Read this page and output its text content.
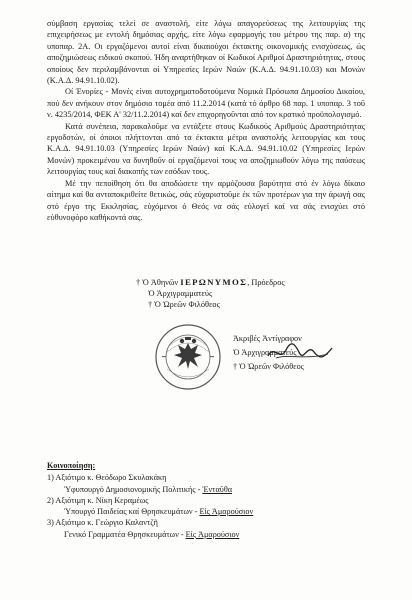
σύμβαση εργασίας τελεί σε αναστολή, είτε λόγω απαγορεύσεως της λειτουργίας της επιχειρήσεως με εντολή δημόσιας αρχής, είτε λόγω εφαρμογής του μέτρου της παρ. α) της υποπαρ. 2Α. Οι εργαζόμενοι αυτοί είναι δικαιούχοι έκτακτης οικονομικής ενισχύσεως, ώς αποζημιώσεως ειδικού σκοπού. Ήδη αναρτήθηκαν οί Κωδικοί Αριθμοί Δραστηριότητας, στους οποίους δεν περιλαμβάνονται οί Υπηρεσίες Ιερών Ναών (Κ.Α.Δ. 94.91.10.03) και Μονών (Κ.Α.Δ. 94.91.10.02).

Οί Ένορίες - Μονές είναι αυτοχρηματοδοτούμενα Νομικά Πρόσωπα Δημοσίου Δικαίου, πού δεν ανήκουν στον δημόσιο τομέα από 11.2.2014 (κατά τό άρθρο 68 παρ. 1 υποπαρ. 3 τοῦ ν. 4235/2014, ΦΕΚ Α' 32/11.2.2014) καί δεν επιχορηγοῦνται από τον κρατικό προϋπολογισμό.

Κατά συνέπεια, παρακαλοῦμε να εντάξετε στους Κωδικούς Αριθμούς Δραστηριότητας εργοδοτών, οί όποιοι πλήττονται από τα έκτακτα μέτρα αναστολής λειτουργίας και τους Κ.Α.Δ. 94.91.10.03 (Υπηρεσίες Ιερών Ναών) καί Κ.Α.Δ. 94.91.10.02 (Υπηρεσίες Ιερών Μονών) προκειμένου να δυνηθοῦν οί εργαζόμενοί τους να αποζημιωθούν λόγω της παύσεως λειτουργίας τους καί διακοπής των εσόδων τους.

Μέ την πεποίθηση ότι θα αποδώσετε την αρμόζουσα βαρύτητα στό έν λόγω δίκαιο αίτημα καί θα ανταποκριθείτε θετικώς, σάς εὐχαριστοῦμε έκ τῶν προτέρων για την άρωγή σας στό έργο της Εκκλησίας, εὐχόμενοι ό Θεός να σάς εὐλογεῖ καί να σάς ενισχύει στό εὐθυνοφόρο καθήκοντά σας.

† Ὁ Ἀθηνῶν ΙΕΡΩΝΥΜΟΣ, Πρόεδρος
Ὁ Ἀρχιγραμματεύς
† Ὁ Ὠρεῶν Φιλόθεος
Ἀκριβές Ἀντίγραφον
Ὁ Ἀρχιγραμματεύς
† Ὁ Ὠρεῶν Φιλόθεος
Κοινοποίηση:
1) Αξιότιμο κ. Θεόδωρο Σκυλακάκη
Ὑφυπουργό Δημοσιονομικής Πολιτικής - Ἐνταῦθα
2) Αξιότιμη κ. Νίκη Κεραμέως
Ὑπουργό Παιδείας καί Θρησκευμάτων - Εἰς Ἀμαρούσιον
3) Αξιότιμο κ. Γεώργιο Καλαντζῆ
Γενικό Γραμματέα Θρησκευμάτων - Εἰς Ἀμαρούσιον
